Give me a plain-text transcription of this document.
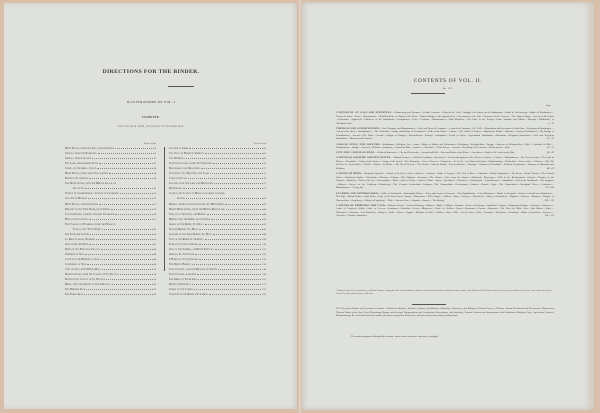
DIRECTIONS FOR THE BINDER.
ILLUSTRATIONS OF VOL. I
VIGNETTE.
Cottage near Thun, with Piece of Frontispiece.
To face Page
Mont Blanc, from the Jura, above Geneva	8
Geneva, from the Ramparts	9
Geneva, from Cologny	10
The Lake, from behind Nyon	13
Cluse, on the Arve—Savoy	14
Mont Blanc, from above Sallanches	16
Baths of St. Gervais	18
The Montanvert, with the Mer de Glace, or
Sea of Ice	19
Source of the Arveiron—Valley of Chamouni	20
Glacier of Bossons	22
Mont Blanc, from Chamouni	27
Descent of the Tête Noire, near Trient	29
Col-du-Balme, looking towards Chamouni	36
Bois of Salvagnoux	37
The Valleys of Hasberg, from the Pinnacle
Pass of the "Tête Noire"	39
The Fontaine Couche	40
La Riese Cabana, Hasberg	41
Sion, from the West	43
Ruins of the Episcopal Palace	44
Fortress of Sion	46
Castle of the Bishops of Sion	46
Cathedral of Sion	48
Visp, or Visp, with Monte Rosa	50
Monte Cervin, from the Valley of St. Nicolas	54
Baths in the Valley of St. Nicolas	56
Brieg, with the Ascent of the Simplon	58
The Bernese Alps	59
The Furka Alps	60
To face Page
Glacier of Gries	60
Val Tosa, in Hospital Simplon	61
Val D'Ossola	64
Town of Lugano, from the Vineyards	70
Maggiore, Lago Maggiore	71
Convent of La Madonna del Sasso	73
Lake of Lugano	74
Lugano, with the Lake and Mountains	75
Bellinzona	77
Castle and Valley of Misocco looking towards
Soazza	81
Bridge and Avalanche Gallery, St. Bernardino	83
Monte Bernardino, from the Hinter-Rhein Lake	86
Village of Splügen, and Bridge	88
Bridge over the Rhine, near Sufers	90
Gorge of the Rhine, Via Mala	92
Second Bridge, Via Mala	95
Gallery in the Trou Perdu, Via Mala	98
Fall of the Rhine in the Rofla	106
Passage of the Cardinell	116
Seat of the Tumbel, at Monte Fontana	123
Arsola, St. Gotthard	126
L'Hospital, St. Gotthard	130
The Devil's Bridge	136
Tell's Chapel, and the Meadow of Grütli	140
Tell's Chapel, Lake Uri	142
The Abbey of Engelberg	155
Baths of Pfeffers	157
Gorge of the Tamina	159
Junction of the Rhine and Tamina	160
CONTENTS OF VOL. II.
Pp. 122.
Page
CANTONS OF ST. GALL AND APPENZELL.—Wattenberg and Alpensee.—Feudal Customs.—Abbot of St. Gall.—Struggle for Liberty by the Inhabitants.—Battle of Woelferberg.—Battle of Waldstatten.—Victory of Stoss.—Peace.—Reformation.—Wild Kirchlein, or Chapel of the Rock.—Natural Bridge of the Appenzellers.—Government of St. Gall.—Treasures of the Convent.—The Abbey Library.—Ascent of the Sentis.—Panorama.—Appenzell.—Character of the Inhabitants.—Occupations.—Fetes.—Costume.—Manufactures.—Wild Kirchlein.—The Lake of the Seealp.—Lakes Sämbtis and Fählen.—Ebenalp.—Wildkirchli, or "Beautiful Lake"	1—12
THURGAU AND SCHAFFHAUSEN.—Soil, Products, and Manufactures.—Lake and Town of Constance.—Council of Constance, A.D. 1415.—Martyrdom and Execution of John Huss.—Rejoicing at Ermatingen.—Ascent of the Stein.—Schaffhausen.—The Cathedral.—Village and Bridge of Feuerthalen.—Falls of the Rhine.—Laufen.—The Castle of Laufen.—Shaking the Banks.—Rheinau.—Ancient Peculiarities.—The Bridge of Schaffhausen.—Arsenal.—The Rhine Cascade.—Origin of Bridges.—Diessenhofen.—Library.—Antiquities.—Death of Stein.—Agricultural Inhabitants.—Education.—Religious Instruction.—Civil and Religious Institutions.—Manners and Customs.	13—25
AARGAU, BÂLE, AND SOLEURE.—Inhabitants.—Religion, &c.—Aarau.—Baths of Baden and Schinznach.—Habsburg.—Königsfelden.—Brugg.—Convent of Königsfelden.—Bâle.—Cathedral of Bâle.—Fortifications.—Bridge.—Arsenal.—Holbein.—Erasmus.—Council of Bâle.—Soleure.—Cathedral.—Clock Tower.—Arsenal.—Hermitage of St. Verena.—Weissenstein.—Lake.	26—37
CITY AND CANTON OF BÂLE.—Political Statement.—City and University.—Arsenal and Hall.—Fairs and Baths of the Rhine.—Anecdotes.—Battle of St. Jacob on the Birs.	38—47
CANTON OF SOLEURE AND NEUCHÂTEL.—Natural Features.—Political Condition.—Resources.—Ancient Inscriptions of the Tower of Soleure.—Clocks.—Watchmakers.—The Frozen Grotto.—The Lake of Bienne.—Neuchâtel.—Castle of the Princes.—Gorge of the Seyon.—The Noirmont.—Vale of Travers.—Chasseron.—Le Locle.—La Chaux-de-Fonds.—Watchmaking.—Val-de-Ruz.—Pierre à Bot.—Tobacco.—The Val-de-Travers.—Iron Works.—Thielle.—Hotels.—St. Blaise.—The Val de Travers.—The Doubs.—Saut du Doubs.—Lac des Brenets.—Boating.—Customs of Neuchâtel.—Political Constitution.—Progress of Education and Religion.	48—62
CANTON OF BERN.—Romantic Spectacle.—Island of St. Pierre, Lake of Bienne.—Aarberg.—Battle of Laupen.—The City of Bern.—Cathedral.—Public Institutions.—The Bears.—Bears' Ditches.—The Federal Palace.—Botanical Garden.—University.—Museum.—Library.—The Platform.—Environs.—The Gurten.—View from the Gurten.—Oberhasli.—Meyringen.—Falls of the Reichenbach.—Grimsel.—Hospice of the Grimsel.—Handeck.—Falls of the Aar.—Unterwalden.—Thun.—Lake of Thun.—Castle of Thun.—Spiez.—Interlaken.—Unterseen.—Grindelwald.—Lauterbrunnen.—Staubbach.—Fall of the Staubbach.—The Jungfrau.—Mürren.—Ascent of the Faulhorn.—Kandersteg.—The Gemmi.—Leukerbad.—Frutigen.—The Simmenthal.—Zweisimmen.—Saanen.—Gstaad.—Aigle.—The Emmenthal.—Aboriginal Races.—Costumes.—Manufactures.—Clergy, &c.	63—108
LUCERNE AND UNTERWALDEN.—Valley of Entlebuch.—Emmenthal Shrine.—Town and Canton of Lucerne.—The Kapellbrücke.—Lion Monument.—Battle of Sempach.—Death of Arnold von Winkelried.—The Rigi.—Mount Pilatus.—Rigi Kulm.—Lake of the Four Forest Cantons.—Küssnacht.—Tell's Chapel.—Altdorf.—Stanz.—Schwyz.—Einsiedeln.—Abbey of Einsiedeln.—Pilgrims.—Schwyz.—Brunnen.—Hospice of Unterwalden.—Engelberg.—Abbey of Engelberg.—Titlis.—Surenen Pass.—Alpnach.—Sarnen.—The Brünig.	109—119
CANTONS OF FRIBOURG AND VAUD.—Historic Events.—Ancient Fribourg.—Murten.—Battle of Morat.—Ossuary.—Town of Fribourg.—Cathedral.—Organ.—Suspension Bridges.—Romont.—Gruyères.—Castle of Gruyères.—Bulle.—Lake of Geneva.—Lausanne.—Cathedral.—Vevey.—Montreux.—Castle of Chillon.—Byron.—Bonivard.—Clarens.—Rousseau.—The Dent du Midi.—Bex.—Salt Mines.—Aigle.—Villeneuve.—Ormonts.—Les Diablerets.—Morges.—Rolle.—Nyon.—Coppet.—Madame de Staël.—Gibbon.—Jura.—Dôle.—Lac de Joux.—Orbe.—Yverdon.—Pestalozzi.—Grandson.—Battle of Grandson.—Payerne.—Avenches.—Roman Antiquities.	120—122
* Situated on the site of a small town, which the Romans, leaving their title in the foundations, and now in ruins, form the site, in almost the same remain, on the Valley side. This Kloster is near, and as see too, and therefore severe is one of the most lovely. — Turn to the walk, with reference to this view.
N.B. The above Volume will be found to contain: —Historical Sketches, Statistics, Scenery and Manners, Education, Commerce, and Religion, Political Parts, or Climate, Antient & Pastoral and Economical, Mineral and Thermal Waters of the Alps, Flora, Mineralogy, Botany, and Geology, Topographical and Architectural Descriptions, and Anecdotes, Popular Customs and Amusements of the Inhabitants, Religious Fetes, Agriculture, Pastoral, Manufacturing, &c. with much historical matter, the history of pastoral intercourse with the country and people of Switzerland.
The poetry interspersed through this volume, unless where otherwise expressed, is original.
